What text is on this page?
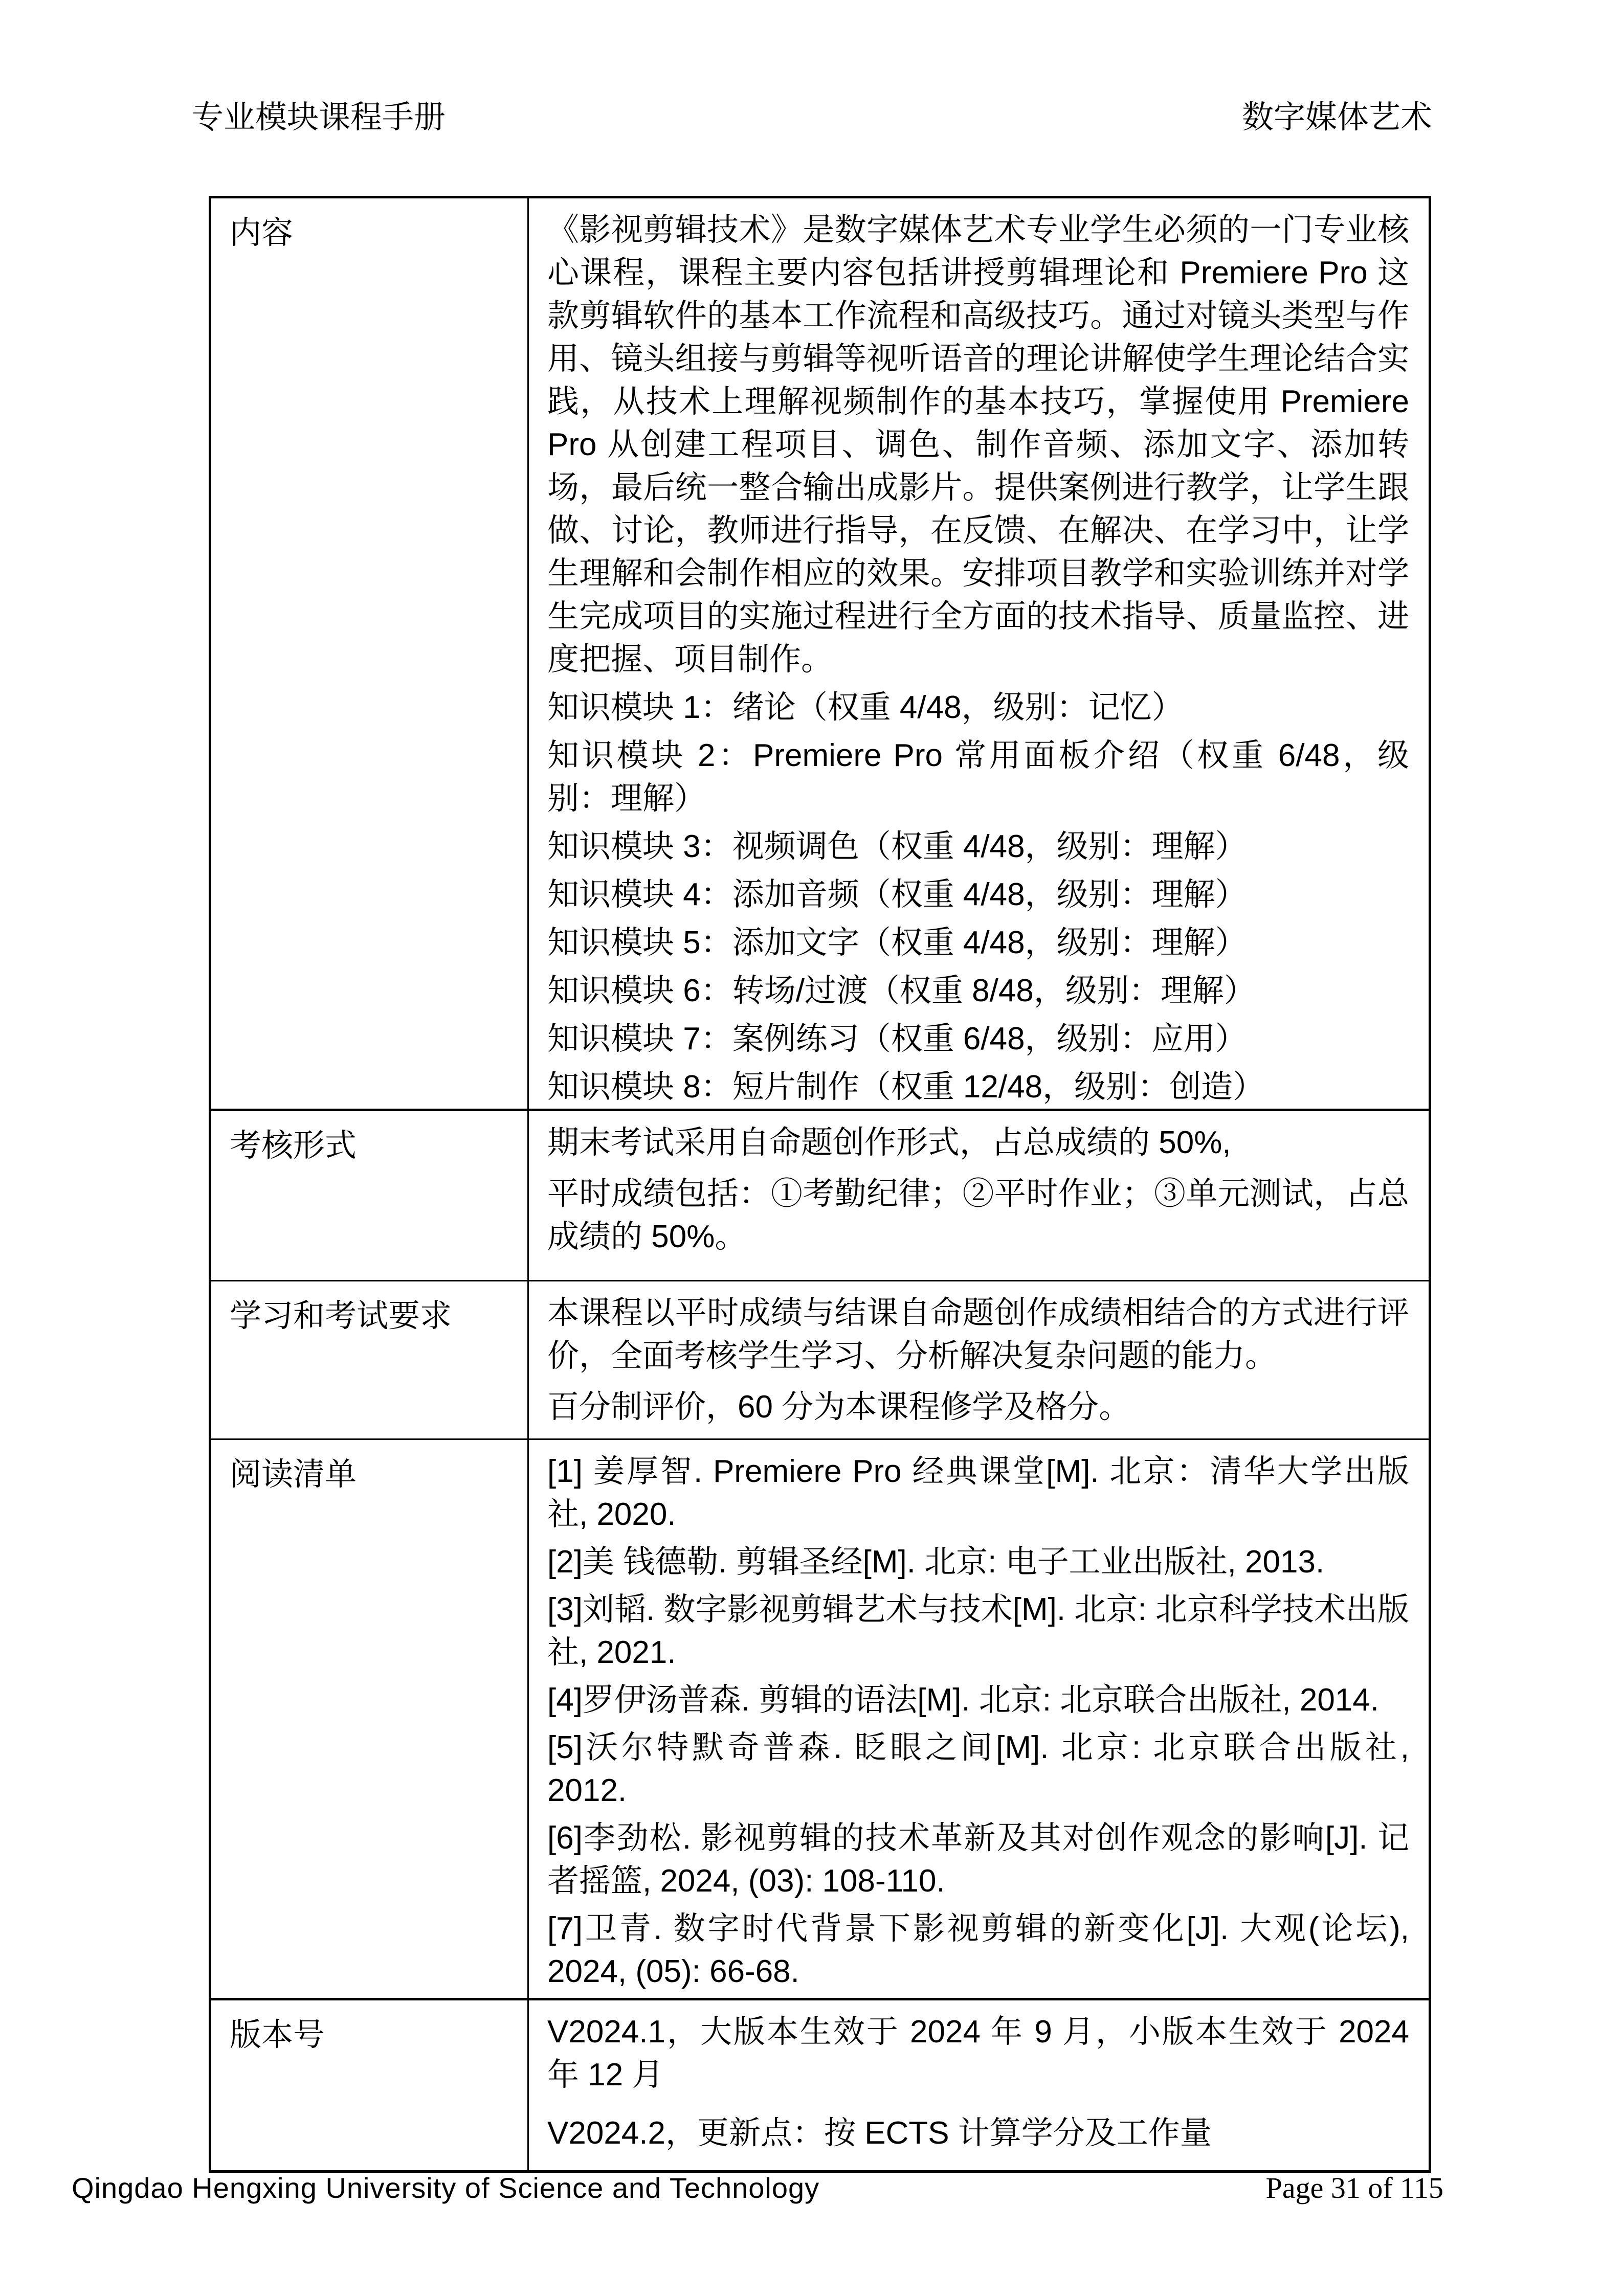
专业模块课程手册	数字媒体艺术
内容	《影视剪辑技术》是数字媒体艺术专业学生必须的一门专业核心课程，课程主要内容包括讲授剪辑理论和 Premiere Pro 这款剪辑软件的基本工作流程和高级技巧。通过对镜头类型与作用、镜头组接与剪辑等视听语音的理论讲解使学生理论结合实践，从技术上理解视频制作的基本技巧，掌握使用 Premiere Pro 从创建工程项目、调色、制作音频、添加文字、添加转场，最后统一整合输出成影片。提供案例进行教学，让学生跟做、讨论，教师进行指导，在反馈、在解决、在学习中，让学生理解和会制作相应的效果。安排项目教学和实验训练并对学生完成项目的实施过程进行全方面的技术指导、质量监控、进度把握、项目制作。

知识模块 1：绪论（权重 4/48，级别：记忆）

知识模块 2：Premiere Pro 常用面板介绍（权重 6/48，级别：理解）

知识模块 3：视频调色（权重 4/48，级别：理解）

知识模块 4：添加音频（权重 4/48，级别：理解）

知识模块 5：添加文字（权重 4/48，级别：理解）

知识模块 6：转场/过渡（权重 8/48，级别：理解）

知识模块 7：案例练习（权重 6/48，级别：应用）

知识模块 8：短片制作（权重 12/48，级别：创造）

考核形式	期末考试采用自命题创作形式，占总成绩的 50%,

平时成绩包括：①考勤纪律；②平时作业；③单元测试，占总成绩的 50%。

学习和考试要求	本课程以平时成绩与结课自命题创作成绩相结合的方式进行评价，全面考核学生学习、分析解决复杂问题的能力。

百分制评价，60 分为本课程修学及格分。

阅读清单	[1] 姜厚智. Premiere Pro 经典课堂[M]. 北京：清华大学出版社, 2020.

[2]美 钱德勒. 剪辑圣经[M]. 北京: 电子工业出版社, 2013.

[3]刘韬. 数字影视剪辑艺术与技术[M]. 北京: 北京科学技术出版社, 2021.

[4]罗伊汤普森. 剪辑的语法[M]. 北京: 北京联合出版社, 2014.

[5]沃尔特默奇普森. 眨眼之间[M]. 北京: 北京联合出版社, 2012.

[6]李劲松. 影视剪辑的技术革新及其对创作观念的影响[J]. 记者摇篮, 2024, (03): 108-110.

[7]卫青. 数字时代背景下影视剪辑的新变化[J]. 大观(论坛), 2024, (05): 66-68.

版本号	V2024.1，大版本生效于 2024 年 9 月，小版本生效于 2024 年 12 月

V2024.2，更新点：按 ECTS 计算学分及工作量

Qingdao Hengxing University of Science and Technology	Page 31 of 115
